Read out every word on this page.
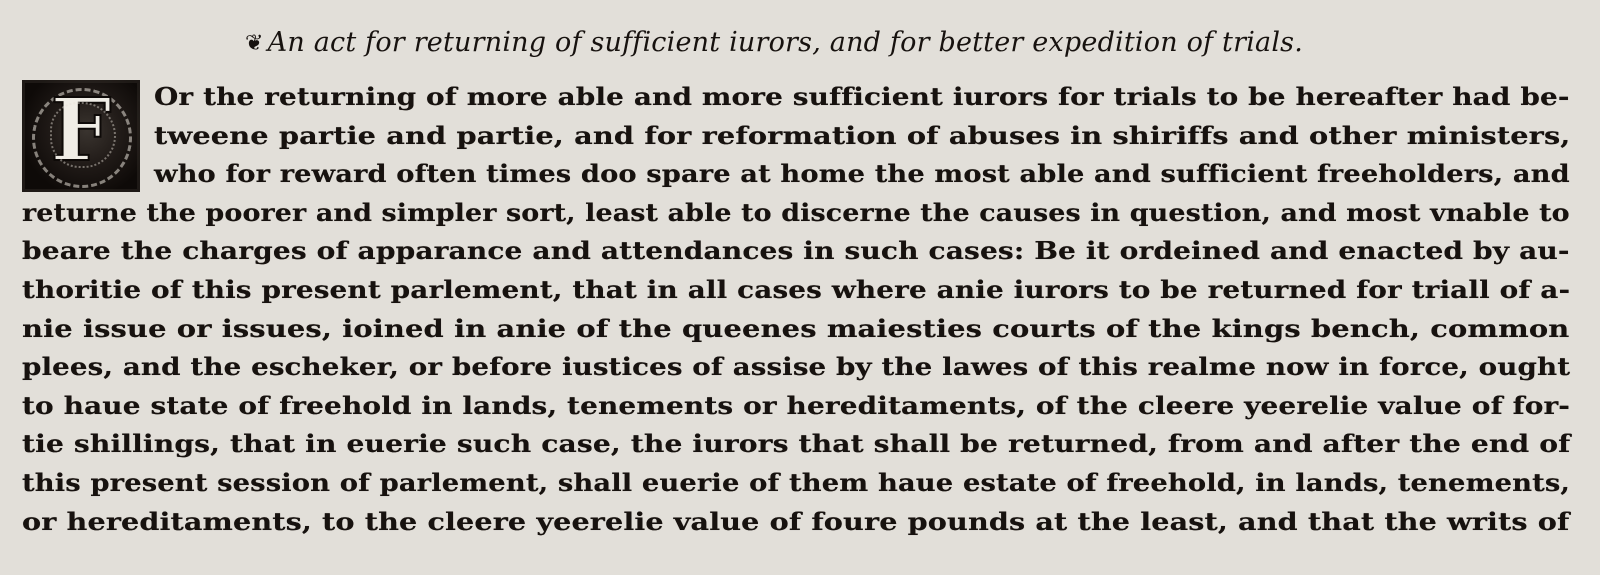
❦ An act for returning of sufficient iurors, and for better expedition of trials.
F Or the returning of more able and more sufficient iurors for trials to be hereafter had be-
tweene partie and partie, and for reformation of abuses in shiriffs and other ministers,
who for reward often times doo spare at home the most able and sufficient freeholders, and
returne the poorer and simpler sort, least able to discerne the causes in question, and most vnable to
beare the charges of apparance and attendances in such cases: Be it ordeined and enacted by au-
thoritie of this present parlement, that in all cases where anie iurors to be returned for triall of a-
nie issue or issues, ioined in anie of the queenes maiesties courts of the kings bench, common
plees, and the escheker, or before iustices of assise by the lawes of this realme now in force, ought
to haue state of freehold in lands, tenements or hereditaments, of the cleere yeerelie value of for-
tie shillings, that in euerie such case, the iurors that shall be returned, from and after the end of
this present session of parlement, shall euerie of them haue estate of freehold, in lands, tenements,
or hereditaments, to the cleere yeerelie value of foure pounds at the least, and that the writs of
